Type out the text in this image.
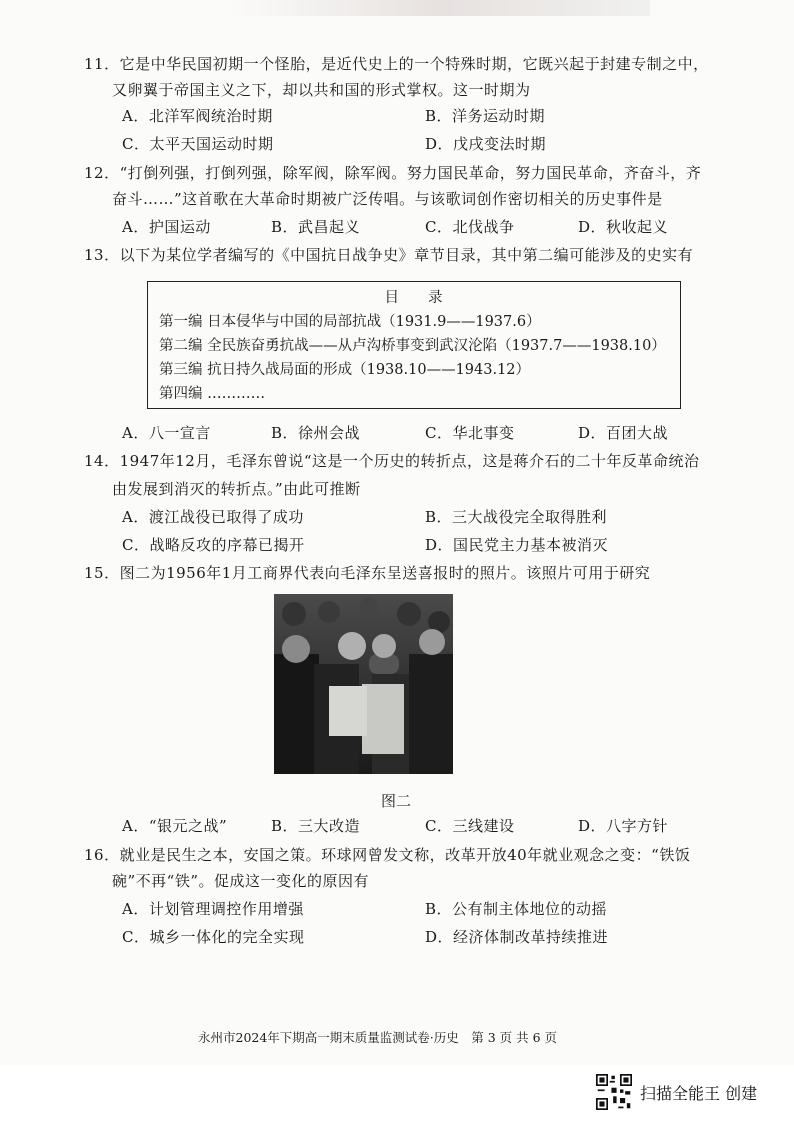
11．它是中华民国初期一个怪胎，是近代史上的一个特殊时期，它既兴起于封建专制之中，
又卵翼于帝国主义之下，却以共和国的形式掌权。这一时期为
A．北洋军阀统治时期	B．洋务运动时期
C．太平天国运动时期	D．戊戌变法时期
12．“打倒列强，打倒列强，除军阀，除军阀。努力国民革命，努力国民革命，齐奋斗，齐
奋斗……”这首歌在大革命时期被广泛传唱。与该歌词创作密切相关的历史事件是
A．护国运动	B．武昌起义	C．北伐战争	D．秋收起义
13．以下为某位学者编写的《中国抗日战争史》章节目录，其中第二编可能涉及的史实有
目　　录
第一编 日本侵华与中国的局部抗战（1931.9——1937.6）
第二编 全民族奋勇抗战——从卢沟桥事变到武汉沦陷（1937.7——1938.10）
第三编 抗日持久战局面的形成（1938.10——1943.12）
第四编 …………
A．八一宣言	B．徐州会战	C．华北事变	D．百团大战
14．1947年12月，毛泽东曾说“这是一个历史的转折点，这是蒋介石的二十年反革命统治
由发展到消灭的转折点。”由此可推断
A．渡江战役已取得了成功	B．三大战役完全取得胜利
C．战略反攻的序幕已揭开	D．国民党主力基本被消灭
15．图二为1956年1月工商界代表向毛泽东呈送喜报时的照片。该照片可用于研究
图二
A．“银元之战”	B．三大改造	C．三线建设	D．八字方针
16．就业是民生之本，安国之策。环球网曾发文称，改革开放40年就业观念之变：“铁饭
碗”不再“铁”。促成这一变化的原因有
A．计划管理调控作用增强	B．公有制主体地位的动摇
C．城乡一体化的完全实现	D．经济体制改革持续推进
永州市2024年下期高一期末质量监测试卷·历史　第 3 页 共 6 页
扫描全能王 创建
